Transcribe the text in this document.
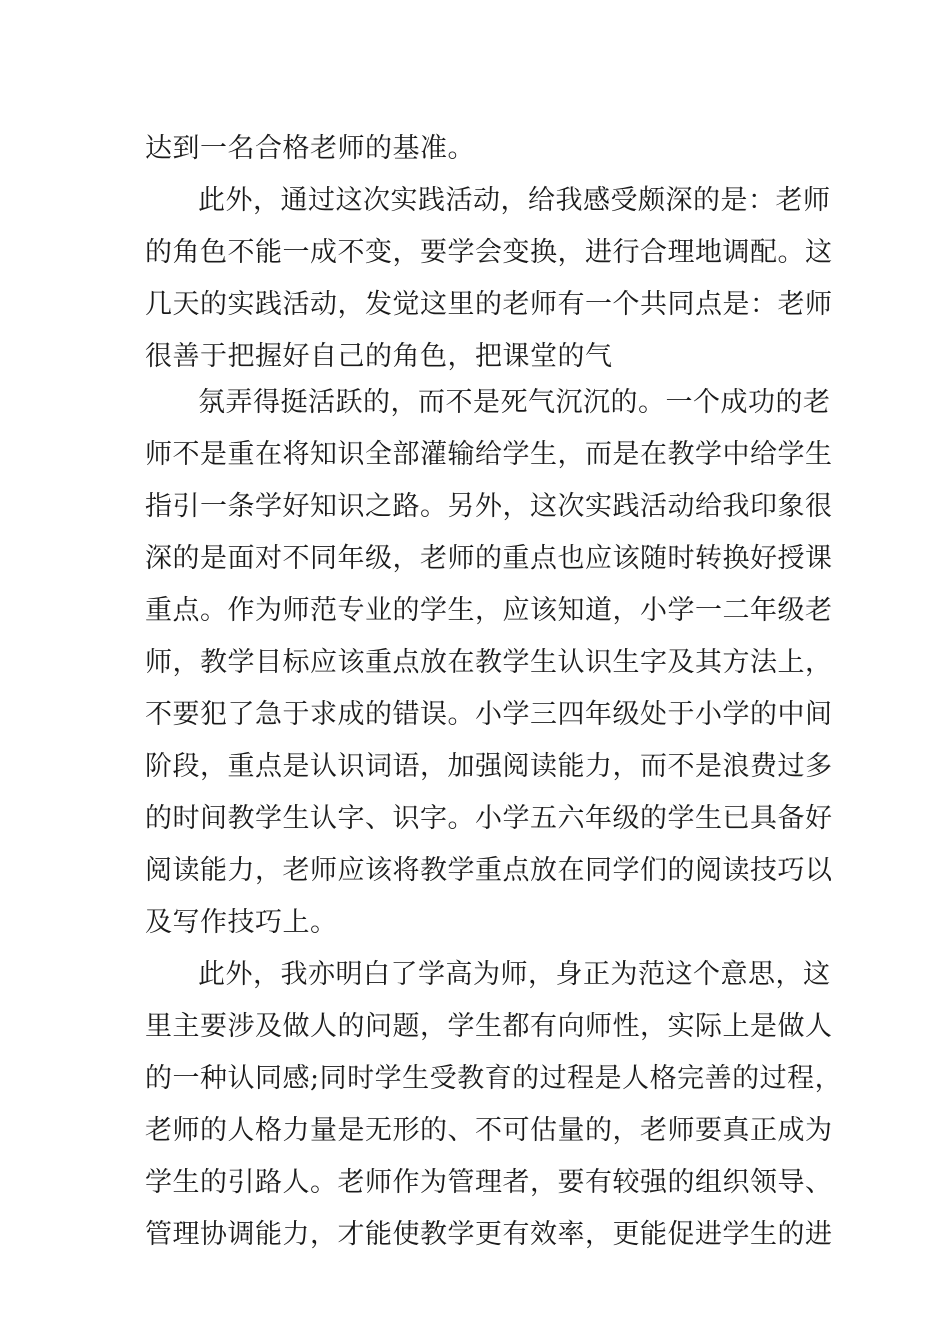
达到一名合格老师的基准。
此外，通过这次实践活动，给我感受颇深的是：老师
的角色不能一成不变，要学会变换，进行合理地调配。这
几天的实践活动，发觉这里的老师有一个共同点是：老师
很善于把握好自己的角色，把课堂的气
氛弄得挺活跃的，而不是死气沉沉的。一个成功的老
师不是重在将知识全部灌输给学生，而是在教学中给学生
指引一条学好知识之路。另外，这次实践活动给我印象很
深的是面对不同年级，老师的重点也应该随时转换好授课
重点。作为师范专业的学生，应该知道，小学一二年级老
师，教学目标应该重点放在教学生认识生字及其方法上，
不要犯了急于求成的错误。小学三四年级处于小学的中间
阶段，重点是认识词语，加强阅读能力，而不是浪费过多
的时间教学生认字、识字。小学五六年级的学生已具备好
阅读能力，老师应该将教学重点放在同学们的阅读技巧以
及写作技巧上。
此外，我亦明白了学高为师，身正为范这个意思，这
里主要涉及做人的问题，学生都有向师性，实际上是做人
的一种认同感;同时学生受教育的过程是人格完善的过程，
老师的人格力量是无形的、不可估量的，老师要真正成为
学生的引路人。老师作为管理者，要有较强的组织领导、
管理协调能力，才能使教学更有效率，更能促进学生的进
